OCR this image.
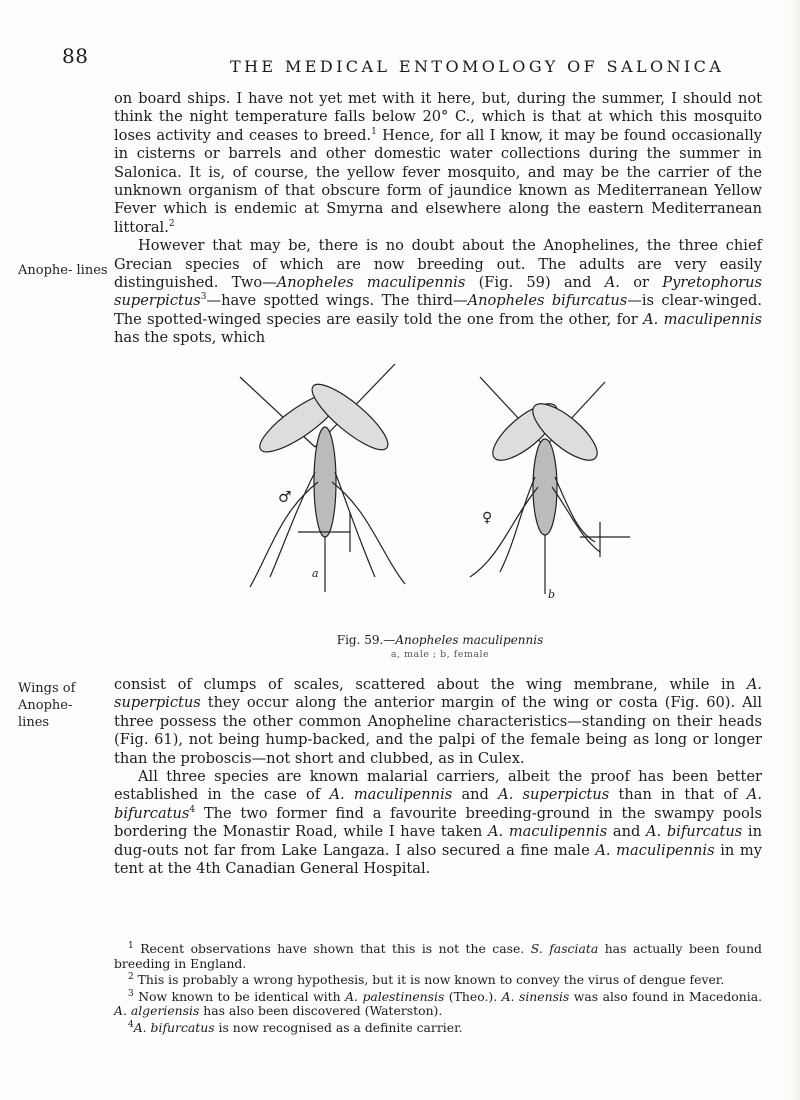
88	THE MEDICAL ENTOMOLOGY OF SALONICA
Anophe- lines
Wings of Anophe- lines

on board ships. I have not yet met with it here, but, during the summer, I should not think the night temperature falls below 20° C., which is that at which this mosquito loses activity and ceases to breed.$^1$ Hence, for all I know, it may be found occasionally in cisterns or barrels and other domestic water collections during the summer in Salonica. It is, of course, the yellow fever mosquito, and may be the carrier of the unknown organism of that obscure form of jaundice known as Mediterranean Yellow Fever which is endemic at Smyrna and elsewhere along the eastern Mediterranean littoral.$^2$

However that may be, there is no doubt about the Anophelines, the three chief Grecian species of which are now breeding out. The adults are very easily distinguished. Two—Anopheles maculipennis (Fig. 59) and A. or Pyretophorus superpictus$^3$—have spotted wings. The third—Anopheles bifurcatus—is clear-winged. The spotted-winged species are easily told the one from the other, for A. maculipennis has the spots, which

♂
a
♀
b
Fig. 59.—Anopheles maculipennis
a, male ; b, female

consist of clumps of scales, scattered about the wing membrane, while in A. superpictus they occur along the anterior margin of the wing or costa (Fig. 60). All three possess the other common Anopheline characteristics—standing on their heads (Fig. 61), not being hump-backed, and the palpi of the female being as long or longer than the proboscis—not short and clubbed, as in Culex.

All three species are known malarial carriers, albeit the proof has been better established in the case of A. maculipennis and A. superpictus than in that of A. bifurcatus$^4$ The two former find a favourite breeding-ground in the swampy pools bordering the Monastir Road, while I have taken A. maculipennis and A. bifurcatus in dug-outs not far from Lake Langaza. I also secured a fine male A. maculipennis in my tent at the 4th Canadian General Hospital.

$^1$ Recent observations have shown that this is not the case. S. fasciata has actually been found breeding in England.

$^2$ This is probably a wrong hypothesis, but it is now known to convey the virus of dengue fever.

$^3$ Now known to be identical with A. palestinensis (Theo.). A. sinensis was also found in Macedonia. A. algeriensis has also been discovered (Waterston).

$^4$A. bifurcatus is now recognised as a definite carrier.
